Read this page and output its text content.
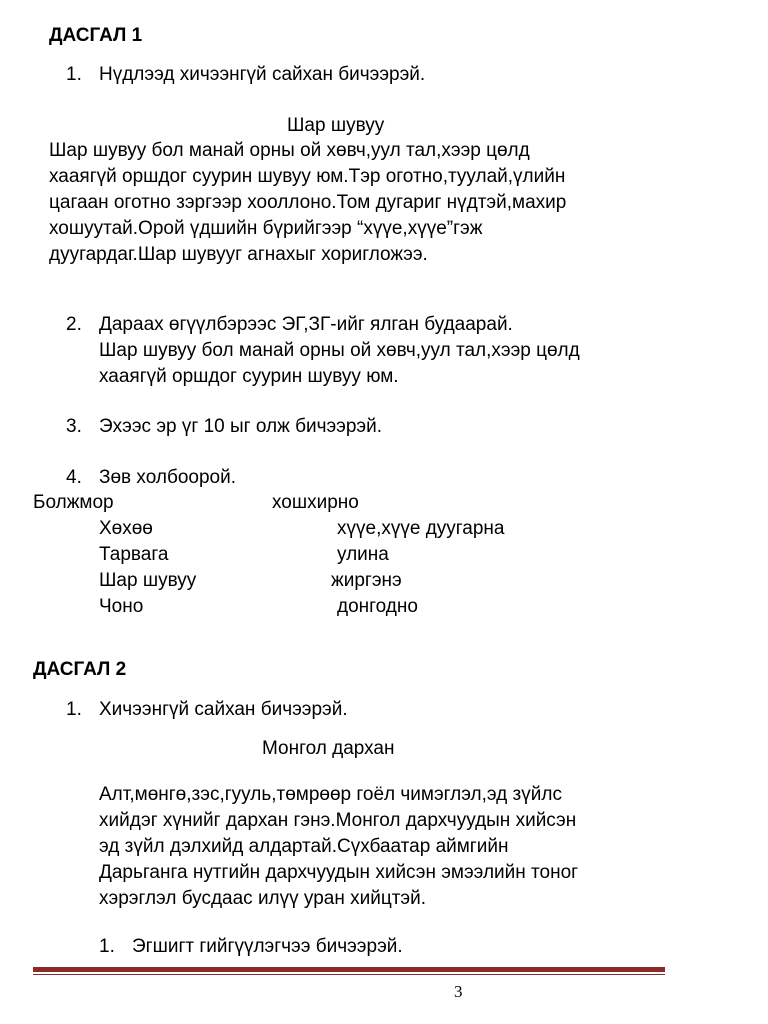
ДАСГАЛ 1
1. Нүдлээд хичээнгүй сайхан бичээрэй.
Шар шувуу
Шар шувуу бол манай орны ой хөвч,уул тал,хээр цөлд
хааягүй оршдог суурин шувуу юм.Тэр оготно,туулай,үлийн
цагаан оготно зэргээр хооллоно.Том дугариг нүдтэй,махир
хошуутай.Орой үдшийн бүрийгээр “хүүе,хүүе”гэж
дуугардаг.Шар шувууг агнахыг хоригложээ.
2. Дараах өгүүлбэрээс ЭГ,ЗГ-ийг ялган будаарай.
Шар шувуу бол манай орны ой хөвч,уул тал,хээр цөлд
хааягүй оршдог суурин шувуу юм.
3. Эхээс эр үг 10 ыг олж бичээрэй.
4. Зөв холбоорой.
Болжмор	хошхирно
Хөхөө	хүүе,хүүе дуугарна
Тарвага	улина
Шар шувуу	жиргэнэ
Чоно	донгодно
ДАСГАЛ 2
1. Хичээнгүй сайхан бичээрэй.
Монгол дархан
Алт,мөнгө,зэс,гууль,төмрөөр гоёл чимэглэл,эд зүйлс
хийдэг хүнийг дархан гэнэ.Монгол дархчуудын хийсэн
эд зүйл дэлхийд алдартай.Сүхбаатар аймгийн
Дарьганга нутгийн дархчуудын хийсэн эмээлийн тоног
хэрэглэл бусдаас илүү уран хийцтэй.
1. Эгшигт гийгүүлэгчээ бичээрэй.
3
